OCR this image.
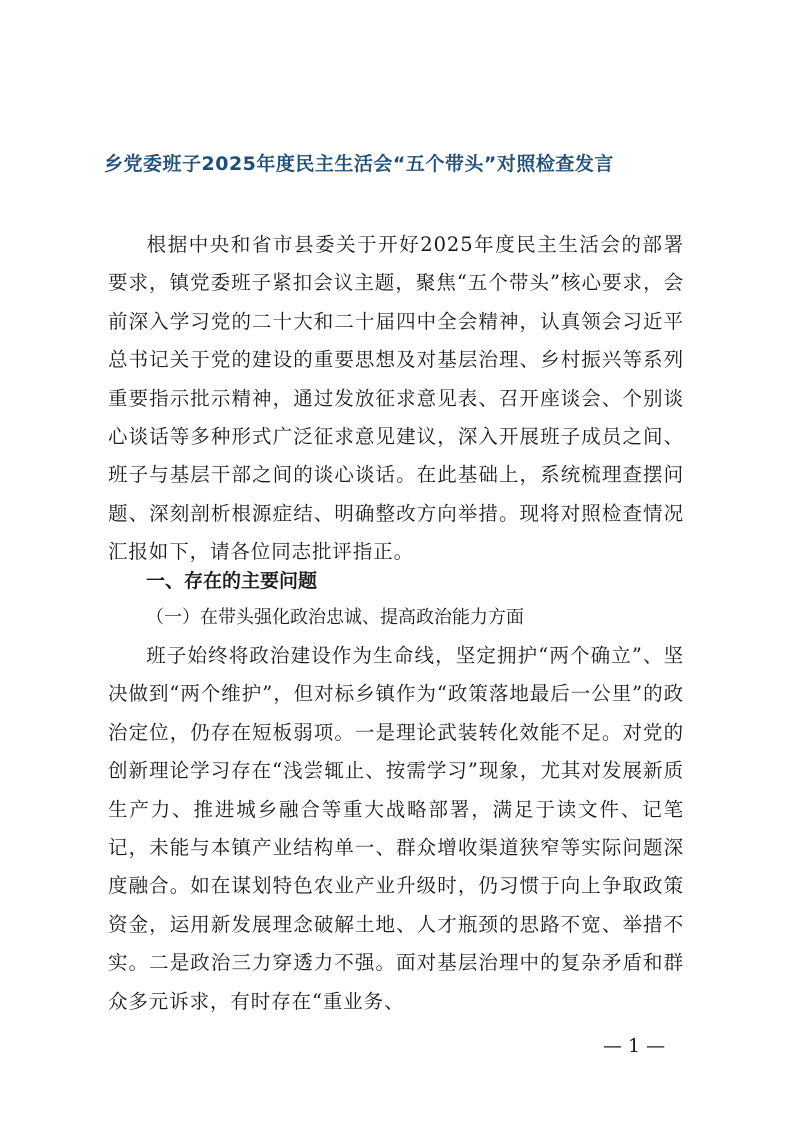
乡党委班子2025年度民主生活会“五个带头”对照检查发言
根据中央和省市县委关于开好2025年度民主生活会的部署要求，镇党委班子紧扣会议主题，聚焦“五个带头”核心要求，会前深入学习党的二十大和二十届四中全会精神，认真领会习近平总书记关于党的建设的重要思想及对基层治理、乡村振兴等系列重要指示批示精神，通过发放征求意见表、召开座谈会、个别谈心谈话等多种形式广泛征求意见建议，深入开展班子成员之间、班子与基层干部之间的谈心谈话。在此基础上，系统梳理查摆问题、深刻剖析根源症结、明确整改方向举措。现将对照检查情况汇报如下，请各位同志批评指正。
一、存在的主要问题
（一）在带头强化政治忠诚、提高政治能力方面
班子始终将政治建设作为生命线，坚定拥护“两个确立”、坚决做到“两个维护”，但对标乡镇作为“政策落地最后一公里”的政治定位，仍存在短板弱项。一是理论武装转化效能不足。对党的创新理论学习存在“浅尝辄止、按需学习”现象，尤其对发展新质生产力、推进城乡融合等重大战略部署，满足于读文件、记笔记，未能与本镇产业结构单一、群众增收渠道狭窄等实际问题深度融合。如在谋划特色农业产业升级时，仍习惯于向上争取政策资金，运用新发展理念破解土地、人才瓶颈的思路不宽、举措不实。二是政治三力穿透力不强。面对基层治理中的复杂矛盾和群众多元诉求，有时存在“重业务、
— 1 —
